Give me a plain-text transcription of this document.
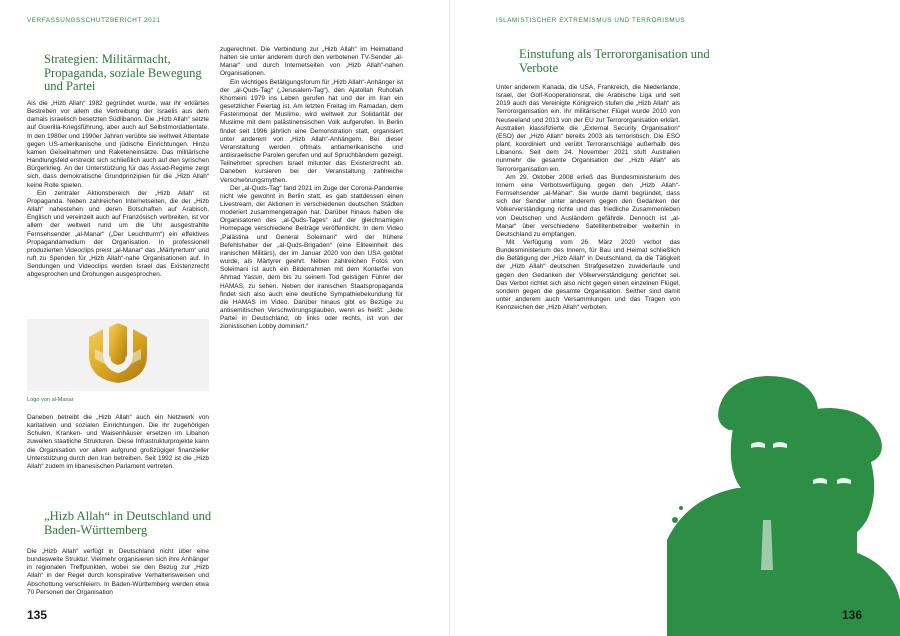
VERFASSUNGSSCHUTZBERICHT 2021
Strategien: Militärmacht, Propaganda, soziale Bewegung und Partei

Als die „Hizb Allah“ 1982 gegründet wurde, war ihr erklärtes Bestreben vor allem die Vertreibung der Israelis aus dem damals israelisch besetzten Südlibanon. Die „Hizb Allah“ setzte auf Guerilla-Kriegsführung, aber auch auf Selbstmordattentate. In den 1980er und 1990er Jahren verübte sie weltweit Attentate gegen US-amerikanische und jüdische Einrichtungen. Hinzu kamen Geiselnahmen und Raketeneinsätze. Das militärische Handlungsfeld erstreckt sich schließlich auch auf den syrischen Bürgerkrieg. An der Unterstützung für das Assad-Regime zeigt sich, dass demokratische Grundprinzipien für die „Hizb Allah“ keine Rolle spielen.

Ein zentraler Aktionsbereich der „Hizb Allah“ ist Propaganda. Neben zahlreichen Internetseiten, die der „Hizb Allah“ nahestehen und deren Botschaften auf Arabisch, Englisch und vereinzelt auch auf Französisch verbreiten, ist vor allem der weltweit rund um die Uhr ausgestrahlte Fernsehsender „al-Manar“ („Der Leuchtturm“) ein effektives Propagandamedium der Organisation. In professionell produzierten Videoclips preist „al-Manar“ das „Märtyrertum“ und ruft zu Spenden für „Hizb Allah“-nahe Organisationen auf. In Sendungen und Videoclips werden Israel das Existenzrecht abgesprochen und Drohungen ausgesprochen.

Logo von al-Manar

Daneben betreibt die „Hizb Allah“ auch ein Netzwerk von karitativen und sozialen Einrichtungen. Die ihr zugehörigen Schulen, Kranken- und Waisenhäuser ersetzen im Libanon zuweilen staatliche Strukturen. Diese Infrastrukturprojekte kann die Organisation vor allem aufgrund großzügiger finanzieller Unterstützung durch den Iran betreiben. Seit 1992 ist die „Hizb Allah“ zudem im libanesischen Parlament vertreten.

„Hizb Allah“ in Deutschland und Baden-Württemberg

Die „Hizb Allah“ verfügt in Deutschland nicht über eine bundesweite Struktur. Vielmehr organisieren sich ihre Anhänger in regionalen Treffpunkten, wobei sie den Bezug zur „Hizb Allah“ in der Regel durch konspirative Verhaltensweisen und Abschottung verschleiern. In Baden-Württemberg werden etwa 70 Personen der Organisation

zugerechnet. Die Verbindung zur „Hizb Allah“ im Heimatland halten sie unter anderem durch den verbotenen TV-Sender „al-Manar“ und durch Internetseiten von „Hizb Allah“-nahen Organisationen.

Ein wichtiges Betätigungsforum für „Hizb Allah“-Anhänger ist der „al-Quds-Tag“ („Jerusalem-Tag“), den Ajatollah Ruhollah Khomeini 1979 ins Leben gerufen hat und der im Iran ein gesetzlicher Feiertag ist. Am letzten Freitag im Ramadan, dem Fastenmonat der Muslime, wird weltweit zur Solidarität der Muslime mit dem palästinensischen Volk aufgerufen. In Berlin findet seit 1996 jährlich eine Demonstration statt, organisiert unter anderem von „Hizb Allah“-Anhängern. Bei dieser Veranstaltung werden oftmals antiamerikanische und antiisraelische Parolen gerufen und auf Spruchbändern gezeigt. Teilnehmer sprechen Israel mitunter das Existenzrecht ab. Daneben kursieren bei der Veranstaltung zahlreiche Verschwörungsmythen.

Der „al-Quds-Tag“ fand 2021 im Zuge der Corona-Pandemie nicht wie gewohnt in Berlin statt, es gab stattdessen einen Livestream, der Aktionen in verschiedenen deutschen Städten moderiert zusammengetragen hat. Darüber hinaus haben die Organisatoren des „al-Quds-Tages“ auf der gleichnamigen Homepage verschiedene Beiträge veröffentlicht. In dem Video „Palästina und General Soleimani“ wird der frühere Befehlshaber der „al-Quds-Brigaden“ (eine Eliteeinheit des iranischen Militärs), der im Januar 2020 von den USA getötet wurde, als Märtyrer geehrt. Neben zahlreichen Fotos von Soleimani ist auch ein Bilderrahmen mit dem Konterfei von Ahmad Yassin, dem bis zu seinem Tod geistigen Führer der HAMAS, zu sehen. Neben der iranischen Staatspropaganda findet sich also auch eine deutliche Sympathiebekundung für die HAMAS im Video. Darüber hinaus gibt es Bezüge zu antisemitischen Verschwörungsglauben, wenn es heißt: „Jede Partei in Deutschland, ob links oder rechts, ist von der zionistischen Lobby dominiert.“

135
ISLAMISTISCHER EXTREMISMUS UND TERRORISMUS
Einstufung als Terrororganisation und Verbote

Unter anderem Kanada, die USA, Frankreich, die Niederlande, Israel, der Golf-Kooperationsrat, die Arabische Liga und seit 2019 auch das Vereinigte Königreich stufen die „Hizb Allah“ als Terrororganisation ein. Ihr militärischer Flügel wurde 2010 von Neuseeland und 2013 von der EU zur Terrororganisation erklärt. Australien klassifizierte die „External Security Organisation“ (ESO) der „Hizb Allah“ bereits 2003 als terroristisch. Die ESO plant, koordiniert und verübt Terroranschläge außerhalb des Libanons. Seit dem 24. November 2021 stuft Australien nunmehr die gesamte Organisation der „Hizb Allah“ als Terrororganisation ein.

Am 29. Oktober 2008 erließ das Bundesministerium des Innern eine Verbotsverfügung gegen den „Hizb Allah“-Fernsehsender „al-Manar“. Sie wurde damit begründet, dass sich der Sender unter anderem gegen den Gedanken der Völkerverständigung richte und das friedliche Zusammenleben von Deutschen und Ausländern gefährde. Dennoch ist „al-Manar“ über verschiedene Satellitenbetreiber weiterhin in Deutschland zu empfangen.

Mit Verfügung vom 26. März 2020 verbot das Bundesministerium des Innern, für Bau und Heimat schließlich die Betätigung der „Hizb Allah“ in Deutschland, da die Tätigkeit der „Hizb Allah“ deutschen Strafgesetzen zuwiderlaufe und gegen den Gedanken der Völkerverständigung gerichtet sei. Das Verbot richtet sich also nicht gegen einen einzelnen Flügel, sondern gegen die gesamte Organisation. Seither sind damit unter anderem auch Versammlungen und das Tragen von Kennzeichen der „Hizb Allah“ verboten.

136
